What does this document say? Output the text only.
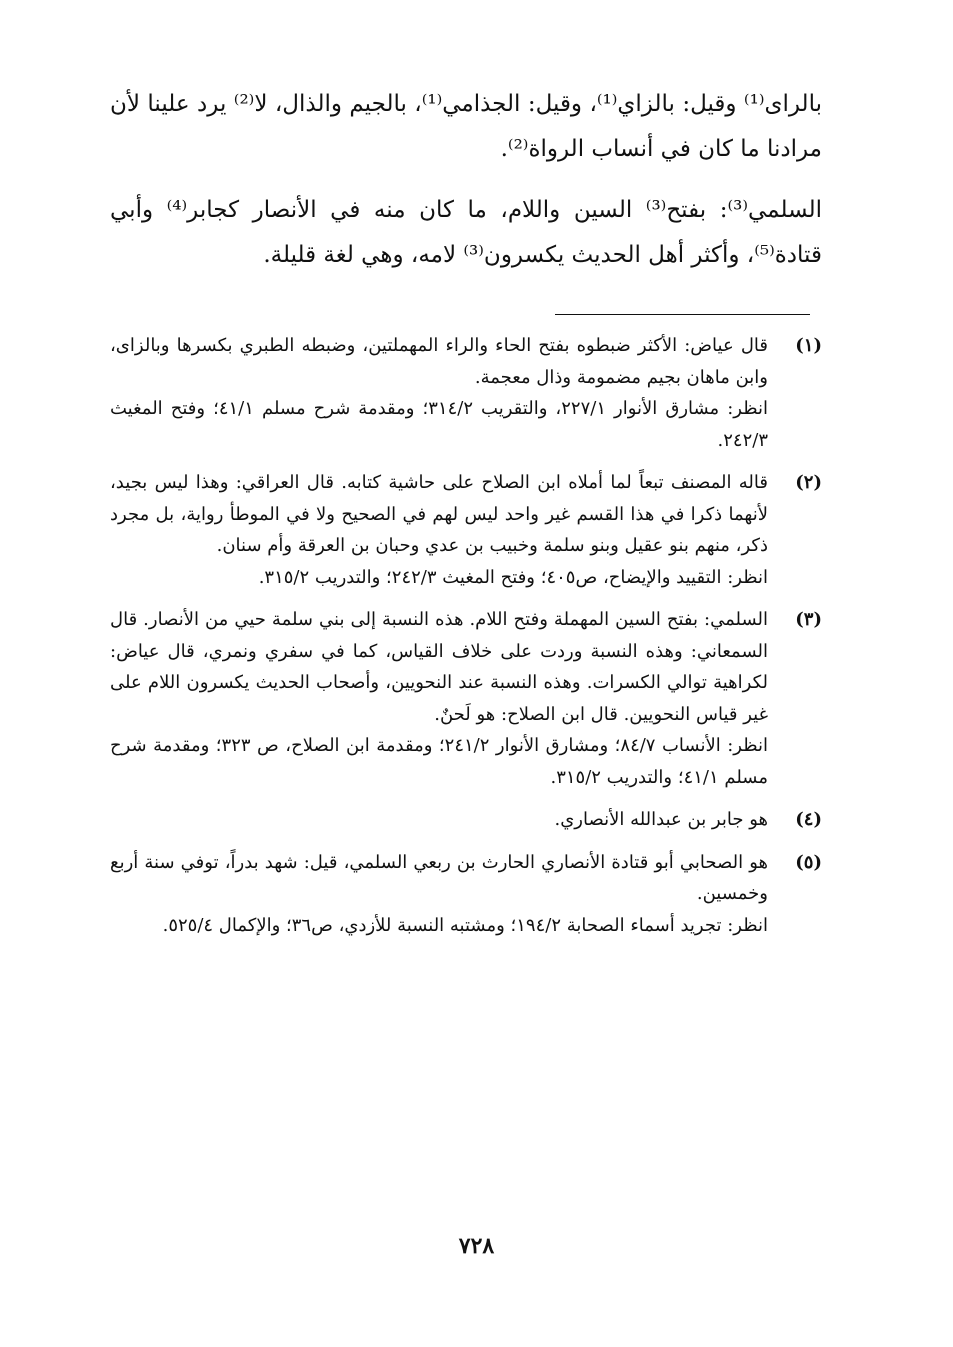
بالراى⁽¹⁾ وقيل: بالزاي⁽¹⁾، وقيل: الجذامي⁽¹⁾، بالجيم والذال، لا⁽²⁾ يرد علينا لأن مرادنا ما كان في أنساب الرواة⁽²⁾.

السلمي⁽³⁾: بفتح⁽³⁾ السين واللام، ما كان منه في الأنصار كجابر⁽⁴⁾ وأبي قتادة⁽⁵⁾، وأكثر أهل الحديث يكسرون⁽³⁾ لامه، وهي لغة قليلة.

(١)
قال عياض: الأكثر ضبطوه بفتح الحاء والراء المهملتين، وضبطه الطبري بكسرها وبالزاى، وابن ماهان بجيم مضمومة وذال معجمة.
انظر: مشارق الأنوار ٢٢٧/١، والتقريب ٣١٤/٢؛ ومقدمة شرح مسلم ٤١/١؛ وفتح المغيث ٢٤٢/٣.
(٢)
قاله المصنف تبعاً لما أملاه ابن الصلاح على حاشية كتابه. قال العراقي: وهذا ليس بجيد، لأنهما ذكرا في هذا القسم غير واحد ليس لهم في الصحيح ولا في الموطأ رواية، بل مجرد ذكر، منهم بنو عقيل وبنو سلمة وخبيب بن عدي وحبان بن العرقة وأم سنان.
انظر: التقييد والإيضاح، ص٤٠٥؛ وفتح المغيث ٢٤٢/٣؛ والتدريب ٣١٥/٢.
(٣)
السلمي: بفتح السين المهملة وفتح اللام. هذه النسبة إلى بني سلمة حيي من الأنصار. قال السمعاني: وهذه النسبة وردت على خلاف القياس، كما في سفري ونمري، قال عياض: لكراهية توالي الكسرات. وهذه النسبة عند النحويين، وأصحاب الحديث يكسرون اللام على غير قياس النحويين. قال ابن الصلاح: هو لَحنٌ.
انظر: الأنساب ٨٤/٧؛ ومشارق الأنوار ٢٤١/٢؛ ومقدمة ابن الصلاح، ص ٣٢٣؛ ومقدمة شرح مسلم ٤١/١؛ والتدريب ٣١٥/٢.
(٤)
هو جابر بن عبدالله الأنصاري.
(٥)
هو الصحابي أبو قتادة الأنصاري الحارث بن ربعي السلمي، قيل: شهد بدراً، توفي سنة أربع وخمسين.
انظر: تجريد أسماء الصحابة ١٩٤/٢؛ ومشتبه النسبة للأزدي، ص٣٦؛ والإكمال ٥٢٥/٤.
٧٢٨
